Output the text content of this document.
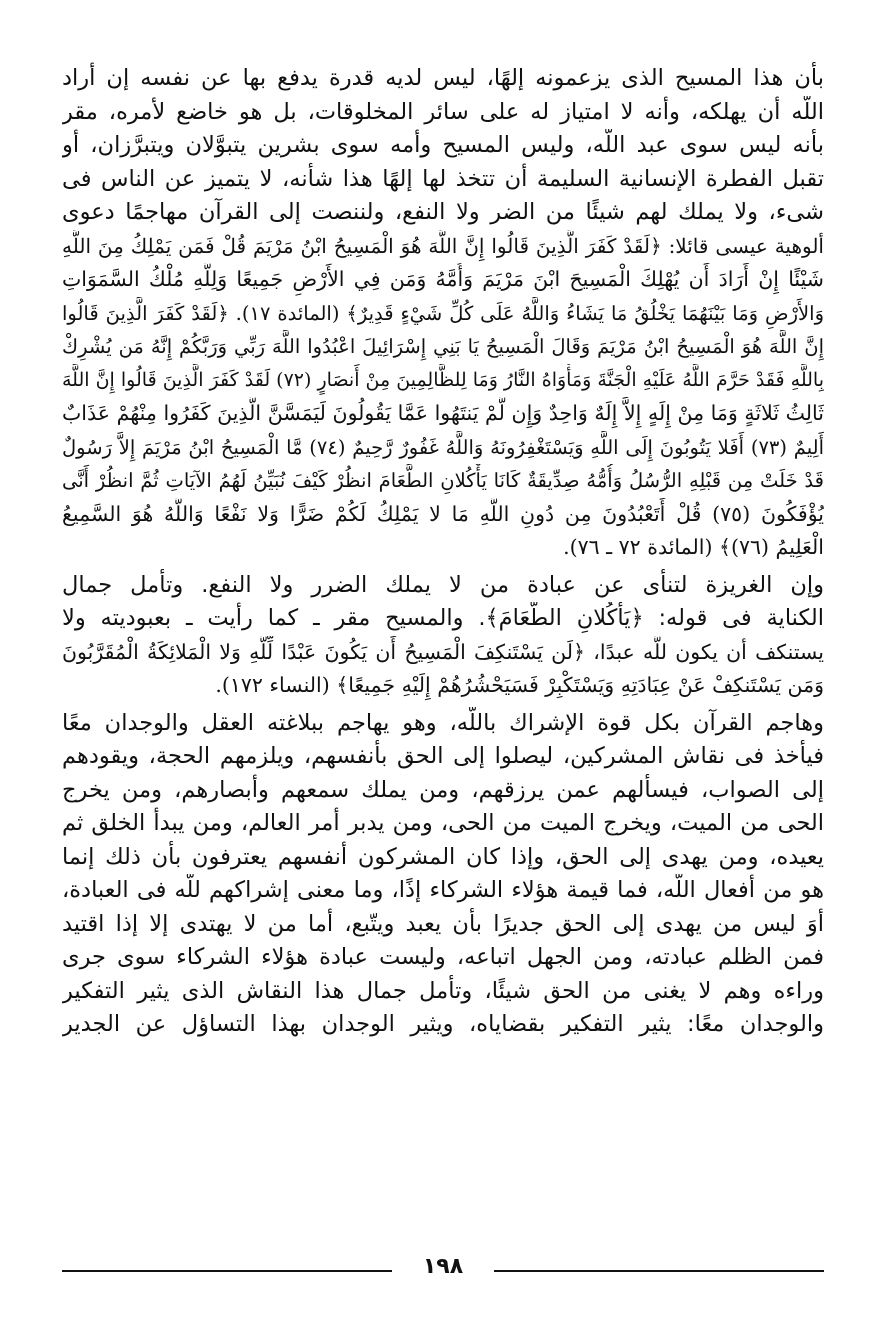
بأن هذا المسيح الذى يزعمونه إلهًا، ليس لديه قدرة يدفع بها عن نفسه إن أراد
اللَّه أن يهلكه، وأنه لا امتياز له على سائر المخلوقات، بل هو خاضع لأمره، مقر
بأنه ليس سوى عبد اللَّه، وليس المسيح وأمه سوى بشرين يتبوَّلان ويتبرَّزان، أو
تقبل الفطرة الإنسانية السليمة أن تتخذ لها إلهًا هذا شأنه، لا يتميز عن الناس فى
شىء، ولا يملك لهم شيئًا من الضر ولا النفع، ولننصت إلى القرآن مهاجمًا دعوى
ألوهية عيسى قائلا: ﴿لَقَدْ كَفَرَ الَّذِينَ قَالُوا إِنَّ اللَّهَ هُوَ الْمَسِيحُ ابْنُ مَرْيَمَ قُلْ فَمَن يَمْلِكُ مِنَ اللَّهِ
شَيْئًا إِنْ أَرَادَ أَن يُهْلِكَ الْمَسِيحَ ابْنَ مَرْيَمَ وَأُمَّهُ وَمَن فِي الأَرْضِ جَمِيعًا وَلِلَّهِ مُلْكُ السَّمَوَاتِ
وَالأَرْضِ وَمَا بَيْنَهُمَا يَخْلُقُ مَا يَشَاءُ وَاللَّهُ عَلَى كُلِّ شَيْءٍ قَدِيرٌ﴾ (المائدة ١٧). ﴿لَقَدْ كَفَرَ الَّذِينَ قَالُوا
إِنَّ اللَّهَ هُوَ الْمَسِيحُ ابْنُ مَرْيَمَ وَقَالَ الْمَسِيحُ يَا بَنِي إِسْرَائِيلَ اعْبُدُوا اللَّهَ رَبِّي وَرَبَّكُمْ إِنَّهُ مَن يُشْرِكْ
بِاللَّهِ فَقَدْ حَرَّمَ اللَّهُ عَلَيْهِ الْجَنَّةَ وَمَأْوَاهُ النَّارُ وَمَا لِلظَّالِمِينَ مِنْ أَنصَارٍ (٧٢) لَقَدْ كَفَرَ الَّذِينَ قَالُوا إِنَّ اللَّهَ
ثَالِثُ ثَلاثَةٍ وَمَا مِنْ إِلَهٍ إِلاَّ إِلَهٌ وَاحِدٌ وَإِن لَّمْ يَنتَهُوا عَمَّا يَقُولُونَ لَيَمَسَّنَّ الَّذِينَ كَفَرُوا مِنْهُمْ عَذَابٌ
أَلِيمٌ (٧٣) أَفَلا يَتُوبُونَ إِلَى اللَّهِ وَيَسْتَغْفِرُونَهُ وَاللَّهُ غَفُورٌ رَّحِيمٌ (٧٤) مَّا الْمَسِيحُ ابْنُ مَرْيَمَ إِلاَّ رَسُولٌ
قَدْ خَلَتْ مِن قَبْلِهِ الرُّسُلُ وَأُمُّهُ صِدِّيقَةٌ كَانَا يَأْكُلانِ الطَّعَامَ انظُرْ كَيْفَ نُبَيِّنُ لَهُمُ الآيَاتِ ثُمَّ انظُرْ أَنَّى
يُؤْفَكُونَ (٧٥) قُلْ أَتَعْبُدُونَ مِن دُونِ اللَّهِ مَا لا يَمْلِكُ لَكُمْ ضَرًّا وَلا نَفْعًا وَاللَّهُ هُوَ السَّمِيعُ
الْعَلِيمُ (٧٦)﴾ (المائدة ٧٢ ـ ٧٦).
وإن الغريزة لتنأى عن عبادة من لا يملك الضرر ولا النفع. وتأمل جمال
الكناية فى قوله: ﴿يَأْكُلانِ الطَّعَامَ﴾. والمسيح مقر ـ كما رأيت ـ بعبوديته ولا
يستنكف أن يكون للَّه عبدًا، ﴿لَن يَسْتَنكِفَ الْمَسِيحُ أَن يَكُونَ عَبْدًا لِّلَّهِ وَلا الْمَلائِكَةُ الْمُقَرَّبُونَ
وَمَن يَسْتَنكِفْ عَنْ عِبَادَتِهِ وَيَسْتَكْبِرْ فَسَيَحْشُرُهُمْ إِلَيْهِ جَمِيعًا﴾ (النساء ١٧٢).
وهاجم القرآن بكل قوة الإشراك باللَّه، وهو يهاجم ببلاغته العقل والوجدان معًا
فيأخذ فى نقاش المشركين، ليصلوا إلى الحق بأنفسهم، ويلزمهم الحجة، ويقودهم
إلى الصواب، فيسألهم عمن يرزقهم، ومن يملك سمعهم وأبصارهم، ومن يخرج
الحى من الميت، ويخرج الميت من الحى، ومن يدبر أمر العالم، ومن يبدأ الخلق ثم
يعيده، ومن يهدى إلى الحق، وإذا كان المشركون أنفسهم يعترفون بأن ذلك إنما
هو من أفعال اللَّه، فما قيمة هؤلاء الشركاء إذًا، وما معنى إشراكهم للَّه فى العبادة،
أوَ ليس من يهدى إلى الحق جديرًا بأن يعبد ويتّبع، أما من لا يهتدى إلا إذا اقتيد
فمن الظلم عبادته، ومن الجهل اتباعه، وليست عبادة هؤلاء الشركاء سوى جرى
وراءه وهم لا يغنى من الحق شيئًا، وتأمل جمال هذا النقاش الذى يثير التفكير
والوجدان معًا: يثير التفكير بقضاياه، ويثير الوجدان بهذا التساؤل عن الجدير
١٩٨
